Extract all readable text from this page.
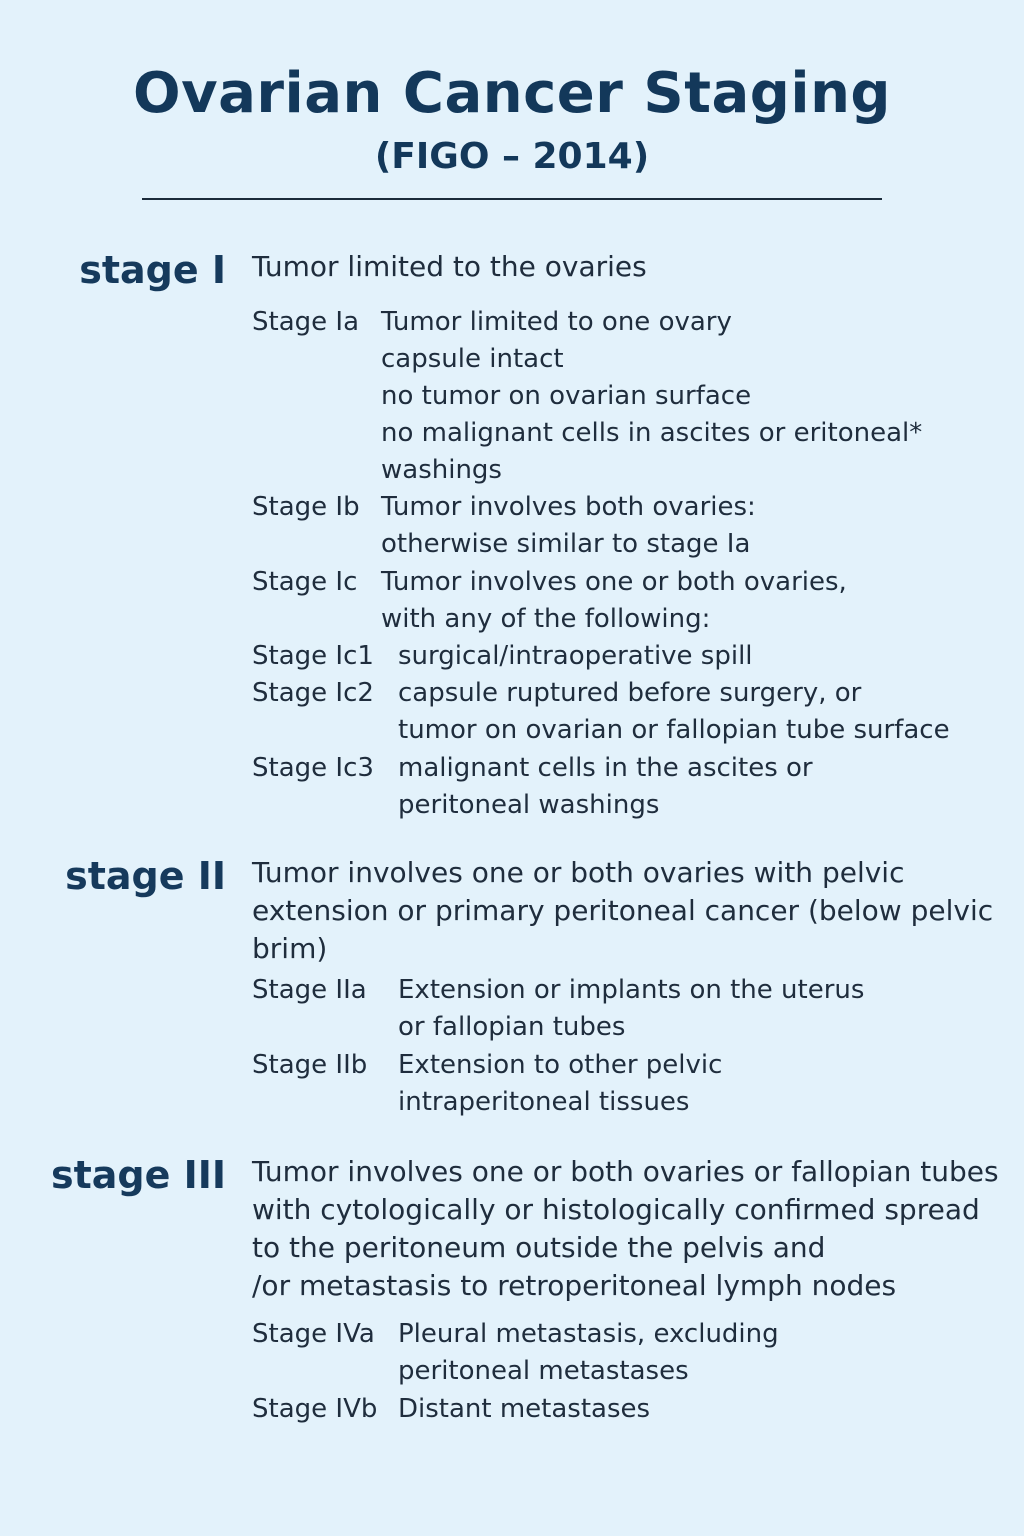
Ovarian Cancer Staging
(FIGO – 2014)
stage I Tumor limited to the ovaries
Stage Ia Tumor limited to one ovary
capsule intact
no tumor on ovarian surface
no malignant cells in ascites or eritoneal*
washings
Stage Ib Tumor involves both ovaries:
otherwise similar to stage Ia
Stage Ic Tumor involves one or both ovaries,
with any of the following:
Stage Ic1 surgical/intraoperative spill
Stage Ic2 capsule ruptured before surgery, or
tumor on ovarian or fallopian tube surface
Stage Ic3 malignant cells in the ascites or
peritoneal washings
stage II Tumor involves one or both ovaries with pelvic
extension or primary peritoneal cancer (below pelvic
brim)
Stage IIa Extension or implants on the uterus
or fallopian tubes
Stage IIb Extension to other pelvic
intraperitoneal tissues
stage III Tumor involves one or both ovaries or fallopian tubes
with cytologically or histologically confirmed spread
to the peritoneum outside the pelvis and
/or metastasis to retroperitoneal lymph nodes
Stage IVa Pleural metastasis, excluding
peritoneal metastases
Stage IVb Distant metastases
